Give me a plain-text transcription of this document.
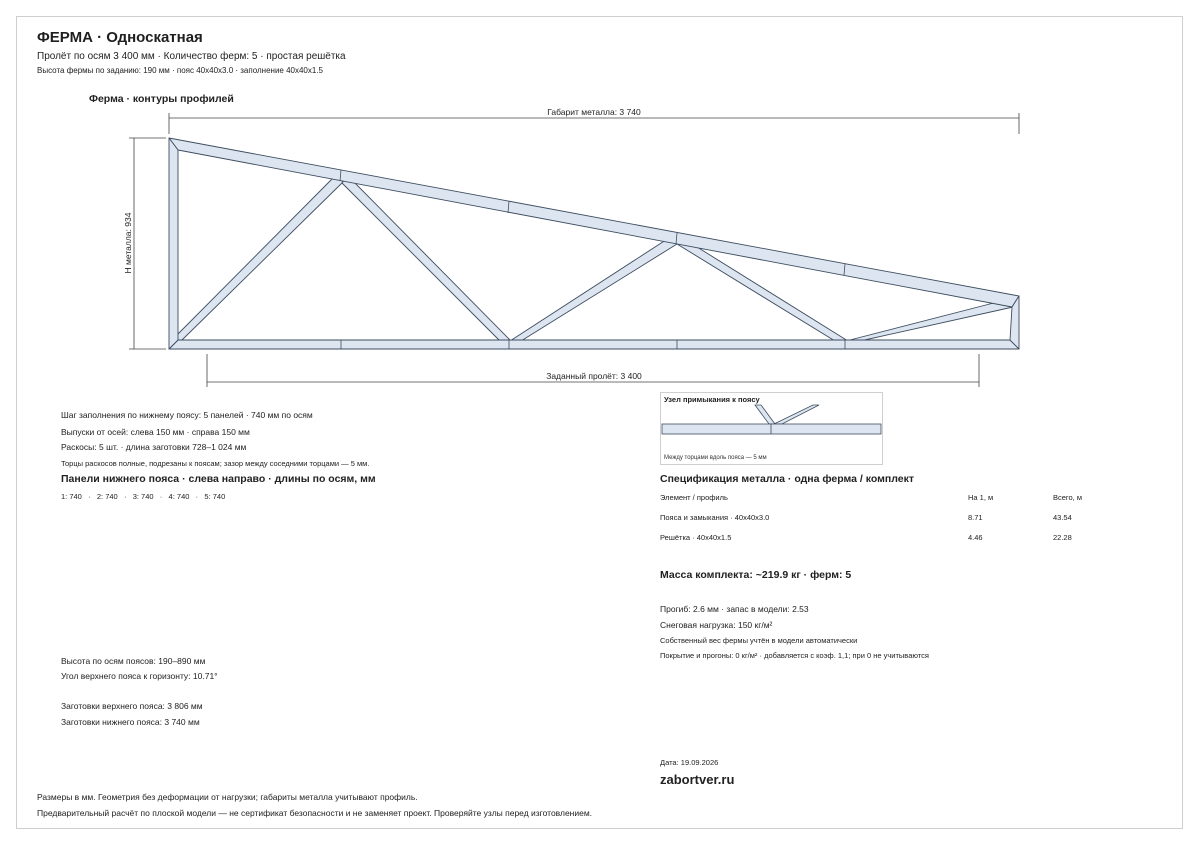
ФЕРМА · Односкатная
Пролёт по осям 3 400 мм · Количество ферм: 5 · простая решётка
Высота фермы по заданию: 190 мм · пояс 40x40x3.0 · заполнение 40x40x1.5
Ферма · контуры профилей
Габарит металла: 3 740
Н металла: 934
Заданный пролёт: 3 400
Узел примыкания к поясу
Между торцами вдоль пояса — 5 мм
Шаг заполнения по нижнему поясу: 5 панелей · 740 мм по осям
Выпуски от осей: слева 150 мм · справа 150 мм
Раскосы: 5 шт. · длина заготовки 728–1 024 мм
Торцы раскосов полные, подрезаны к поясам; зазор между соседними торцами — 5 мм.
Панели нижнего пояса · слева направо · длины по осям, мм
1: 740   ·   2: 740   ·   3: 740   ·   4: 740   ·   5: 740
Высота по осям поясов: 190–890 мм
Угол верхнего пояса к горизонту: 10.71°
Заготовки верхнего пояса: 3 806 мм
Заготовки нижнего пояса: 3 740 мм
Спецификация металла · одна ферма / комплект
Элемент / профиль	На 1, м	Всего, м
Пояса и замыкания · 40x40x3.0	8.71	43.54
Решётка · 40x40x1.5	4.46	22.28
Масса комплекта: ~219.9 кг · ферм: 5
Прогиб: 2.6 мм · запас в модели: 2.53
Снеговая нагрузка: 150 кг/м²
Собственный вес фермы учтён в модели автоматически
Покрытие и прогоны: 0 кг/м² · добавляется с коэф. 1,1; при 0 не учитываются
Дата: 19.09.2026
zabortver.ru
Размеры в мм. Геометрия без деформации от нагрузки; габариты металла учитывают профиль.
Предварительный расчёт по плоской модели — не сертификат безопасности и не заменяет проект. Проверяйте узлы перед изготовлением.
